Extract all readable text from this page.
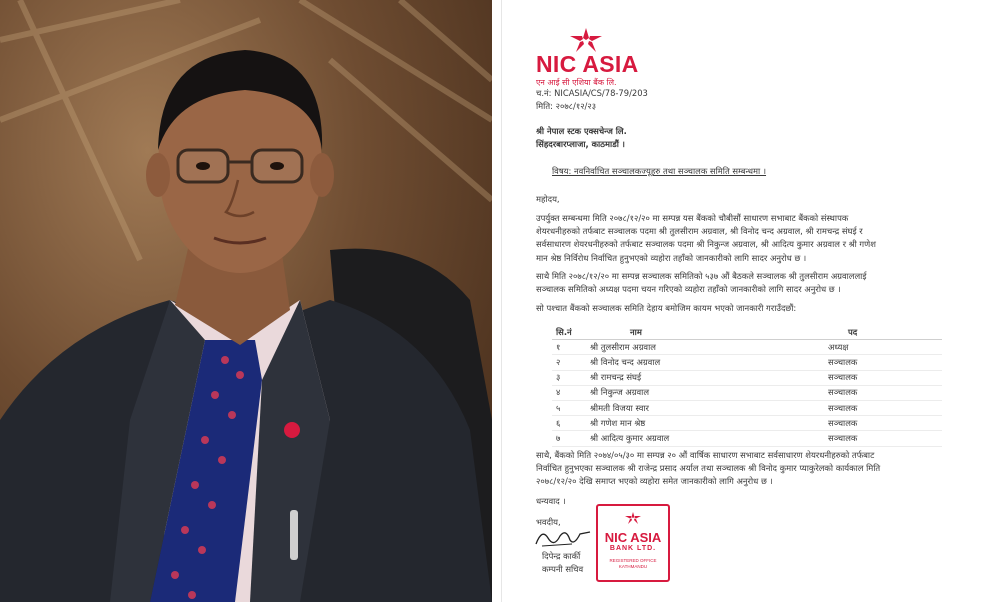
NIC ASIA
एन आई सी एशिया बैंक लि.
च.नं: NICASIA/CS/78-79/203
मिति: २०७८/१२/२३
श्री नेपाल स्टक एक्सचेन्ज लि.
सिंहदरबारप्लाजा, काठमाडौं ।
विषय: नवनिर्वाचित सञ्चालकज्यूहरु तथा सञ्चालक समिति सम्बन्धमा ।
महोदय,
उपर्युक्त सम्बन्धमा मिति २०७८/१२/२० मा सम्पन्न यस बैंकको चौबीसौं साधारण सभाबाट बैंकको संस्थापक
शेयरधनीहरुको तर्फबाट सञ्चालक पदमा श्री तुलसीराम अग्रवाल, श्री विनोद चन्द अग्रवाल, श्री रामचन्द्र संघई र
सर्वसाधारण शेयरधनीहरुको तर्फबाट सञ्चालक पदमा श्री निकुन्ज अग्रवाल, श्री आदित्य कुमार अग्रवाल र श्री गणेश
मान श्रेष्ठ निर्विरोध निर्वाचित हुनुभएको व्यहोरा तहाँको जानकारीको लागि सादर अनुरोध छ ।
साथै मिति २०७८/१२/२० मा सम्पन्न सञ्चालक समितिको ५३७ औं बैठकले सञ्चालक श्री तुलसीराम अग्रवाललाई
सञ्चालक समितिको अध्यक्ष पदमा चयन गरिएको व्यहोरा तहाँको जानकारीको लागि सादर अनुरोध छ ।
सो पश्चात बैंकको सञ्चालक समिति देहाय बमोजिम कायम भएको जानकारी गराउँदछौं:
सि.नं	नाम	पद
१	श्री तुलसीराम अग्रवाल	अध्यक्ष
२	श्री विनोद चन्द अग्रवाल	सञ्चालक
३	श्री रामचन्द्र संघई	सञ्चालक
४	श्री निकुन्ज अग्रवाल	सञ्चालक
५	श्रीमती विजया स्वार	सञ्चालक
६	श्री गणेश मान श्रेष्ठ	सञ्चालक
७	श्री आदित्य कुमार अग्रवाल	सञ्चालक
साथै, बैंकको मिति २०७४/०५/३० मा सम्पन्न २० औं वार्षिक साधारण सभाबाट सर्वसाधारण शेयरधनीहरुको तर्फबाट
निर्वाचित हुनुभएका सञ्चालक श्री राजेन्द्र प्रसाद अर्याल तथा सञ्चालक श्री विनोद कुमार प्याकुरेलको कार्यकाल मिति
२०७८/१२/२० देखि समाप्त भएको व्यहोरा समेत जानकारीको लागि अनुरोध छ ।
धन्यवाद ।
भवदीय,
दिपेन्द्र कार्की
कम्पनी सचिव
NIC ASIA
BANK LTD.
REGISTERED OFFICE
KATHMANDU
